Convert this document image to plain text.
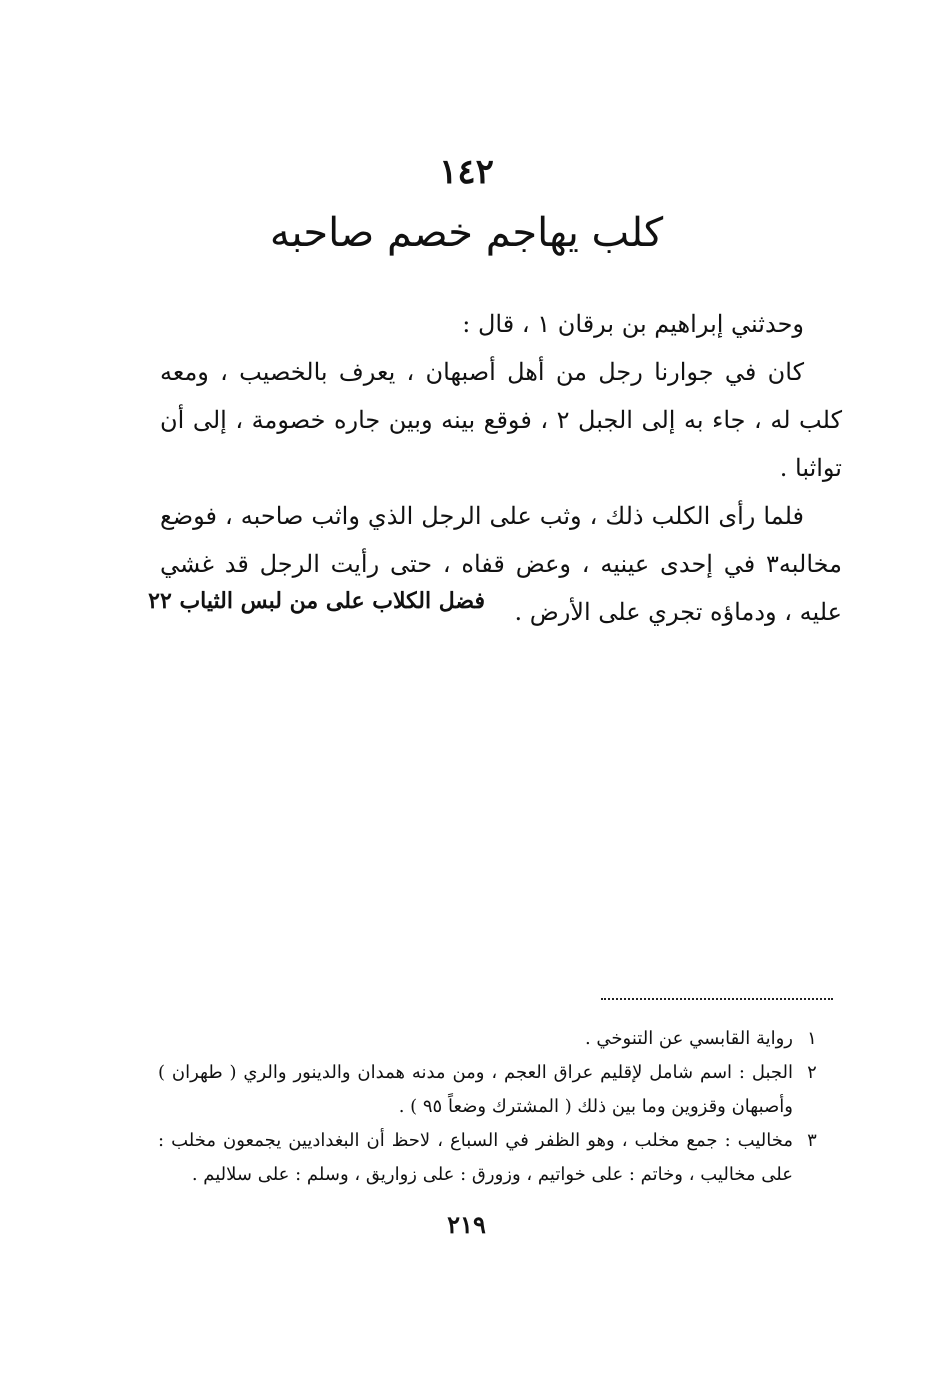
١٤٢
كلب يهاجم خصم صاحبه

وحدثني إبراهيم بن برقان ١ ، قال :

كان في جوارنا رجل من أهل أصبهان ، يعرف بالخصيب ، ومعه كلب له ، جاء به إلى الجبل ٢ ، فوقع بينه وبين جاره خصومة ، إلى أن تواثبا .

فلما رأى الكلب ذلك ، وثب على الرجل الذي واثب صاحبه ، فوضع مخالبه٣ في إحدى عينيه ، وعض قفاه ، حتى رأيت الرجل قد غشي عليه ، ودماؤه تجري على الأرض .

فضل الكلاب على من لبس الثياب ٢٢
١
رواية القابسي عن التنوخي .
٢
الجبل : اسم شامل لإقليم عراق العجم ، ومن مدنه همدان والدينور والري ( طهران ) وأصبهان وقزوين وما بين ذلك ( المشترك وضعاً ٩٥ ) .
٣
مخاليب : جمع مخلب ، وهو الظفر في السباع ، لاحظ أن البغداديين يجمعون مخلب : على مخاليب ، وخاتم : على خواتيم ، وزورق : على زواريق ، وسلم : على سلاليم .
٢١٩
